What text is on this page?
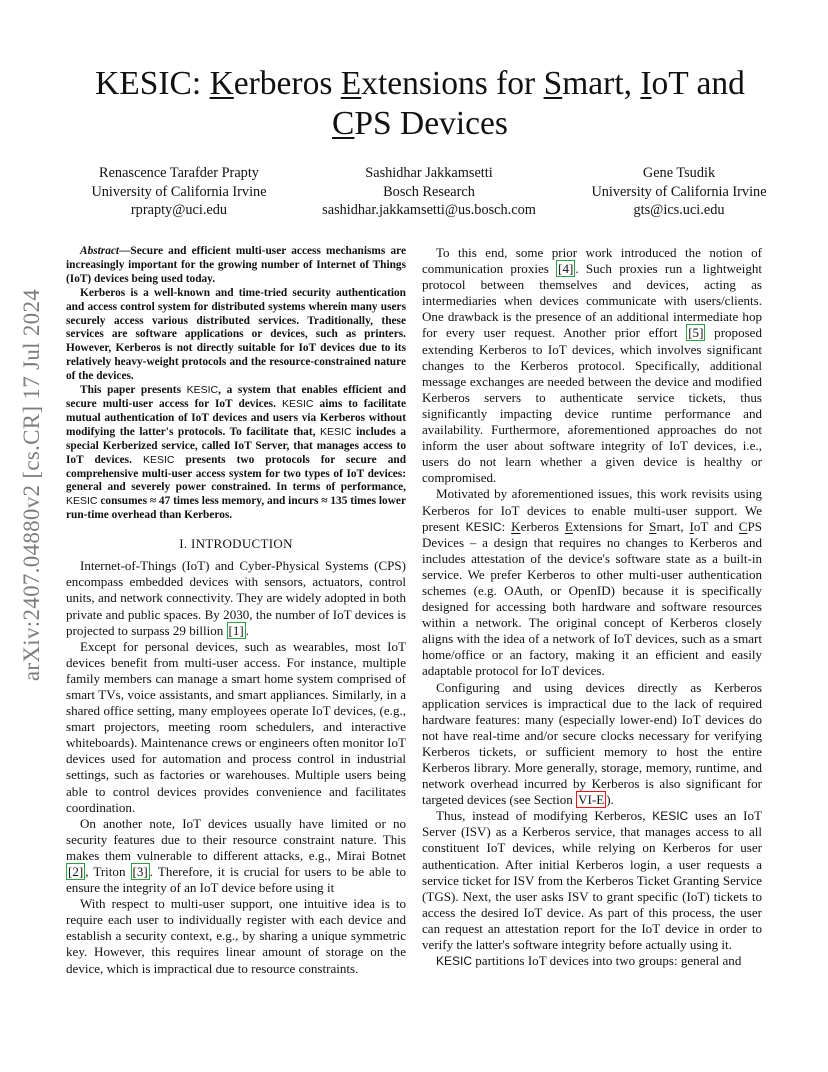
arXiv:2407.04880v2 [cs.CR] 17 Jul 2024
KESIC: Kerberos Extensions for Smart, IoT and
CPS Devices
Renascence Tarafder Prapty
University of California Irvine
rprapty@uci.edu
Sashidhar Jakkamsetti
Bosch Research
sashidhar.jakkamsetti@us.bosch.com
Gene Tsudik
University of California Irvine
gts@ics.uci.edu

Abstract—Secure and efficient multi-user access mechanisms are increasingly important for the growing number of Internet of Things (IoT) devices being used today.

Kerberos is a well-known and time-tried security authentication and access control system for distributed systems wherein many users securely access various distributed services. Traditionally, these services are software applications or devices, such as printers. However, Kerberos is not directly suitable for IoT devices due to its relatively heavy-weight protocols and the resource-constrained nature of the devices.

This paper presents KESIC, a system that enables efficient and secure multi-user access for IoT devices. KESIC aims to facilitate mutual authentication of IoT devices and users via Kerberos without modifying the latter's protocols. To facilitate that, KESIC includes a special Kerberized service, called IoT Server, that manages access to IoT devices. KESIC presents two protocols for secure and comprehensive multi-user access system for two types of IoT devices: general and severely power constrained. In terms of performance, KESIC consumes ≈ 47 times less memory, and incurs ≈ 135 times lower run-time overhead than Kerberos.

I. INTRODUCTION

Internet-of-Things (IoT) and Cyber-Physical Systems (CPS) encompass embedded devices with sensors, actuators, control units, and network connectivity. They are widely adopted in both private and public spaces. By 2030, the number of IoT devices is projected to surpass 29 billion [1] .

Except for personal devices, such as wearables, most IoT devices benefit from multi-user access. For instance, multiple family members can manage a smart home system comprised of smart TVs, voice assistants, and smart appliances. Similarly, in a shared office setting, many employees operate IoT devices, (e.g., smart projectors, meeting room schedulers, and interactive whiteboards). Maintenance crews or engineers often monitor IoT devices used for automation and process control in industrial settings, such as factories or warehouses. Multiple users being able to control devices provides convenience and facilitates coordination.

On another note, IoT devices usually have limited or no security features due to their resource constraint nature. This makes them vulnerable to different attacks, e.g., Mirai Botnet [2] , Triton [3] . Therefore, it is crucial for users to be able to ensure the integrity of an IoT device before using it

With respect to multi-user support, one intuitive idea is to require each user to individually register with each device and establish a security context, e.g., by sharing a unique symmetric key. However, this requires linear amount of storage on the device, which is impractical due to resource constraints.

To this end, some prior work introduced the notion of communication proxies [4] . Such proxies run a lightweight protocol between themselves and devices, acting as intermediaries when devices communicate with users/clients. One drawback is the presence of an additional intermediate hop for every user request. Another prior effort [5] proposed extending Kerberos to IoT devices, which involves significant changes to the Kerberos protocol. Specifically, additional message exchanges are needed between the device and modified Kerberos servers to authenticate service tickets, thus significantly impacting device runtime performance and availability. Furthermore, aforementioned approaches do not inform the user about software integrity of IoT devices, i.e., users do not learn whether a given device is healthy or compromised.

Motivated by aforementioned issues, this work revisits using Kerberos for IoT devices to enable multi-user support. We present KESIC: Kerberos Extensions for Smart, IoT and CPS Devices – a design that requires no changes to Kerberos and includes attestation of the device's software state as a built-in service. We prefer Kerberos to other multi-user authentication schemes (e.g. OAuth, or OpenID) because it is specifically designed for accessing both hardware and software resources within a network. The original concept of Kerberos closely aligns with the idea of a network of IoT devices, such as a smart home/office or an factory, making it an efficient and easily adaptable protocol for IoT devices.

Configuring and using devices directly as Kerberos application services is impractical due to the lack of required hardware features: many (especially lower-end) IoT devices do not have real-time and/or secure clocks necessary for verifying Kerberos tickets, or sufficient memory to host the entire Kerberos library. More generally, storage, memory, runtime, and network overhead incurred by Kerberos is also significant for targeted devices (see Section VI-E ).

Thus, instead of modifying Kerberos, KESIC uses an IoT Server (ISV) as a Kerberos service, that manages access to all constituent IoT devices, while relying on Kerberos for user authentication. After initial Kerberos login, a user requests a service ticket for ISV from the Kerberos Ticket Granting Service (TGS). Next, the user asks ISV to grant specific (IoT) tickets to access the desired IoT device. As part of this process, the user can request an attestation report for the IoT device in order to verify the latter's software integrity before actually using it.

KESIC partitions IoT devices into two groups: general and
